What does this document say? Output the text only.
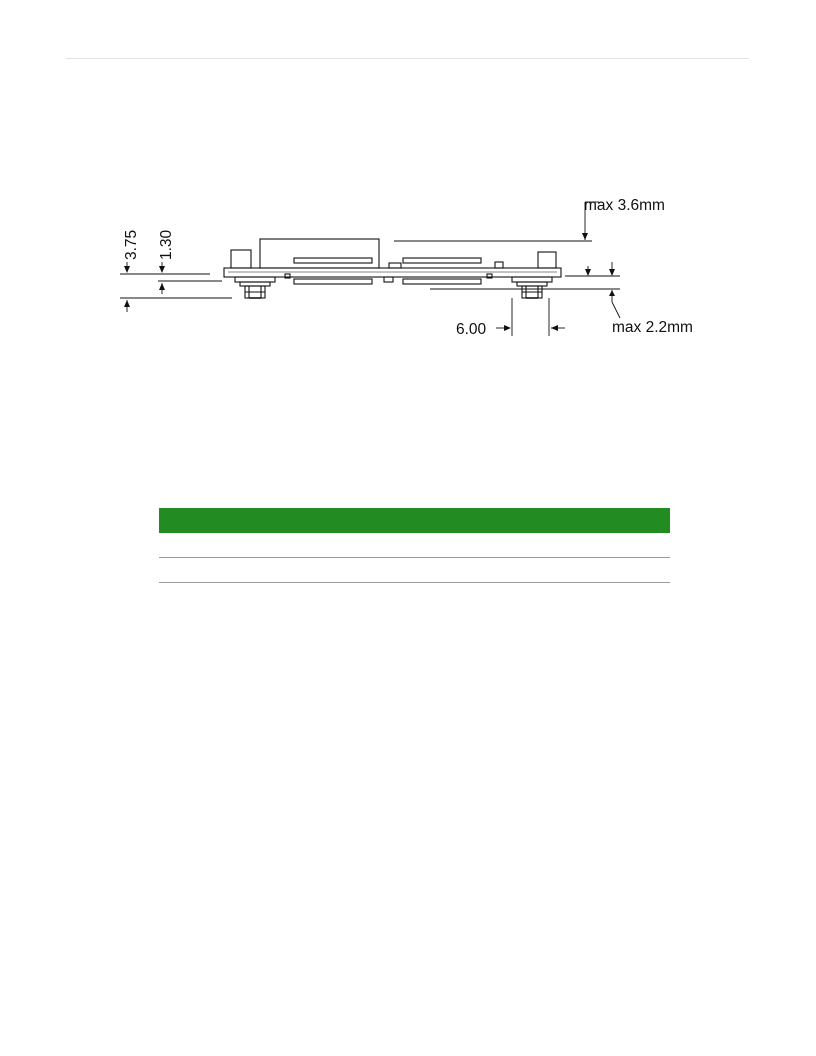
3.75 1.30
max 3.6mm
max 2.2mm
6.00
